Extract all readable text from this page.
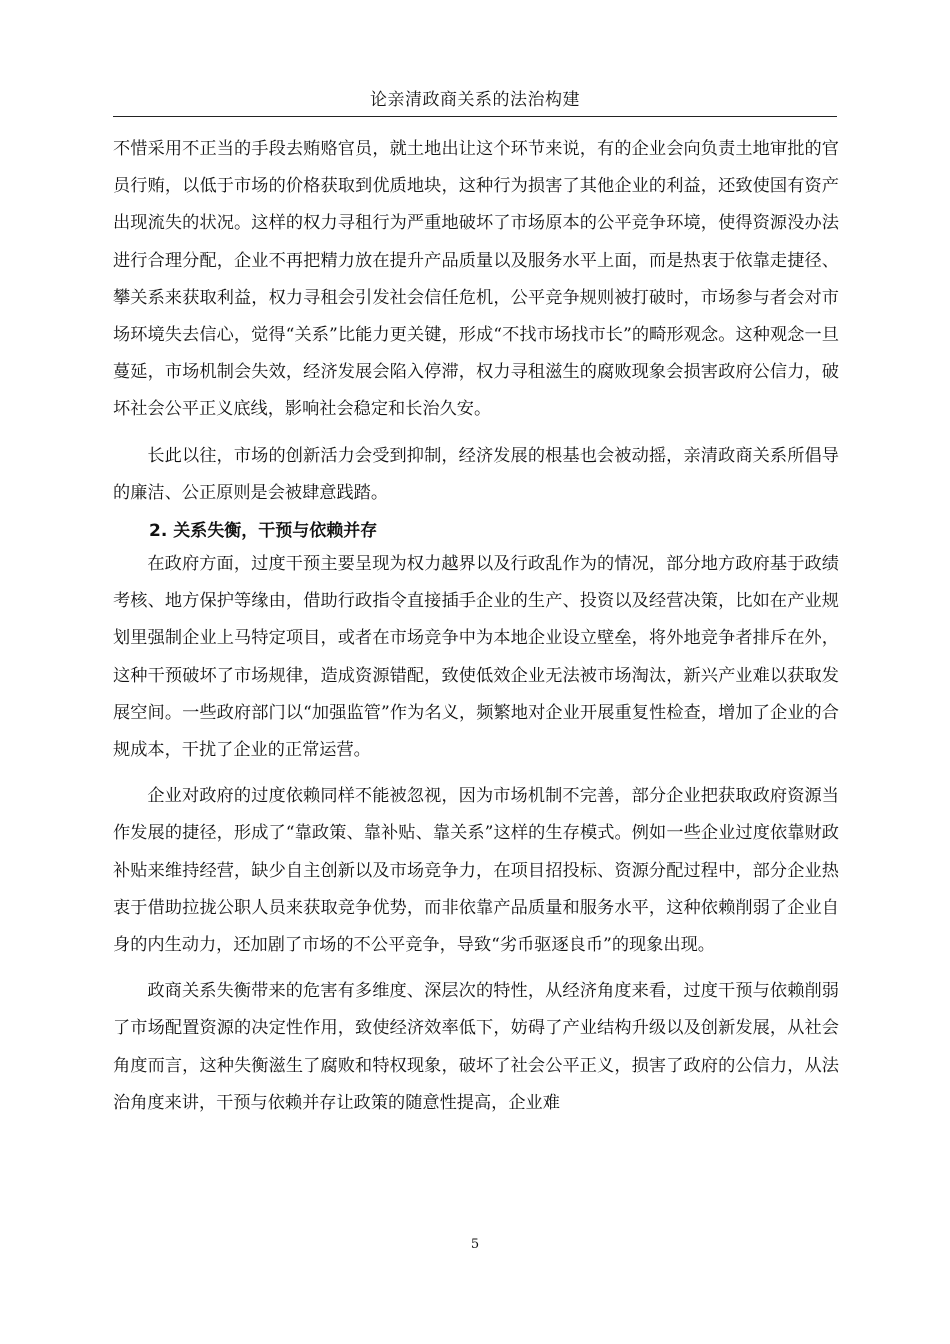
论亲清政商关系的法治构建

不惜采用不正当的手段去贿赂官员，就土地出让这个环节来说，有的企业会向负责土地审批的官员行贿，以低于市场的价格获取到优质地块，这种行为损害了其他企业的利益，还致使国有资产出现流失的状况。这样的权力寻租行为严重地破坏了市场原本的公平竞争环境，使得资源没办法进行合理分配，企业不再把精力放在提升产品质量以及服务水平上面，而是热衷于依靠走捷径、攀关系来获取利益，权力寻租会引发社会信任危机，公平竞争规则被打破时，市场参与者会对市场环境失去信心，觉得“关系”比能力更关键，形成“不找市场找市长”的畸形观念。这种观念一旦蔓延，市场机制会失效，经济发展会陷入停滞，权力寻租滋生的腐败现象会损害政府公信力，破坏社会公平正义底线，影响社会稳定和长治久安。

长此以往，市场的创新活力会受到抑制，经济发展的根基也会被动摇，亲清政商关系所倡导的廉洁、公正原则是会被肆意践踏。

2. 关系失衡，干预与依赖并存

在政府方面，过度干预主要呈现为权力越界以及行政乱作为的情况，部分地方政府基于政绩考核、地方保护等缘由，借助行政指令直接插手企业的生产、投资以及经营决策，比如在产业规划里强制企业上马特定项目，或者在市场竞争中为本地企业设立壁垒，将外地竞争者排斥在外，这种干预破坏了市场规律，造成资源错配，致使低效企业无法被市场淘汰，新兴产业难以获取发展空间。一些政府部门以“加强监管”作为名义，频繁地对企业开展重复性检查，增加了企业的合规成本，干扰了企业的正常运营。

企业对政府的过度依赖同样不能被忽视，因为市场机制不完善，部分企业把获取政府资源当作发展的捷径，形成了“靠政策、靠补贴、靠关系”这样的生存模式。例如一些企业过度依靠财政补贴来维持经营，缺少自主创新以及市场竞争力，在项目招投标、资源分配过程中，部分企业热衷于借助拉拢公职人员来获取竞争优势，而非依靠产品质量和服务水平，这种依赖削弱了企业自身的内生动力，还加剧了市场的不公平竞争，导致“劣币驱逐良币”的现象出现。

政商关系失衡带来的危害有多维度、深层次的特性，从经济角度来看，过度干预与依赖削弱了市场配置资源的决定性作用，致使经济效率低下，妨碍了产业结构升级以及创新发展，从社会角度而言，这种失衡滋生了腐败和特权现象，破坏了社会公平正义，损害了政府的公信力，从法治角度来讲，干预与依赖并存让政策的随意性提高，企业难

5
